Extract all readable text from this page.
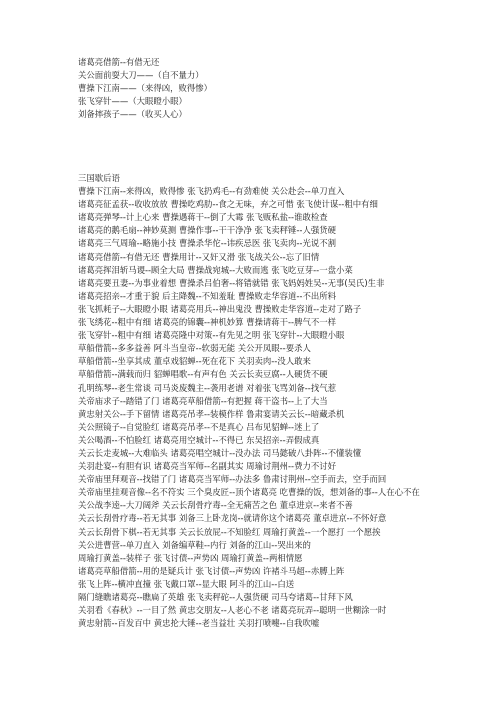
诸葛亮借箭--有借无还
关公面前耍大刀——（自不量力）
曹操下江南——（来得凶，败得惨）
张飞穿针——（大眼瞪小眼）
刘备摔孩子——（收买人心）
三国歇后语
曹操下江南--来得凶，败得惨 张飞扔鸡毛--有劲难使 关公赴会--单刀直入
诸葛亮征孟获--收收放放 曹操吃鸡肋--食之无味，弃之可惜 张飞使计谋--粗中有细
诸葛亮弹琴--计上心来 曹操遇蒋干--倒了大霉 张飞贩私盐--谁敢检查
诸葛亮的鹅毛扇--神妙莫测 曹操作事--干干净净 张飞卖秤锤--人强货硬
诸葛亮三气周瑜--略施小技 曹操杀华佗--讳疾忌医 张飞卖肉--光说不割
诸葛亮借箭--有借无还 曹操用计--又奸又滑 张飞战关公--忘了旧情
诸葛亮挥泪斩马谡--顾全大局 曹操战宛城--大败而逃 张飞吃豆芽--一盘小菜
诸葛亮要丑妻--为事业着想 曹操杀吕伯奢--将错就错 张飞妈妈姓吴--无事(吴氏)生非
诸葛亮招亲--才重于貌 后主降魏--不知羞耻 曹操败走华容道--不出所料
张飞抓耗子--大眼瞪小眼 诸葛亮用兵--神出鬼没 曹操败走华容道--走对了路子
张飞绣花--粗中有细 诸葛亮的锦囊--神机妙算 曹操请蒋干--脾气不一样
张飞穿针--粗中有细 诸葛亮隆中对策--有先见之明 张飞穿针--大眼瞪小眼
草船借箭--多多益善 阿斗当皇帝--软弱无能 关公开凤眼--要杀人
草船借箭--坐享其成 董卓戏貂蝉--死在花下 关羽卖肉--没人敢来
草船借箭--满载而归 貂蝉唱歌--有声有色 关云长卖豆腐--人硬货不硬
孔明练琴--老生常谈 司马炎废魏主--袭用老谱 对着张飞骂刘备--找气惹
关帝庙求子--踏错了门 诸葛亮草船借箭--有把握 蒋干盗书--上了大当
黄忠射关公--手下留情 诸葛亮吊孝--装模作样 鲁肃宴请关云长--暗藏杀机
关公照镜子--自觉脸红 诸葛亮吊孝--不是真心 吕布见貂蝉--迷上了
关公喝酒--不怕脸红 诸葛亮用空城计--不得已 东吴招亲--弄假成真
关云长走麦城--大难临头 诸葛亮唱空城计--没办法 司马懿破八卦阵--不懂装懂
关羽赴宴--有胆有识 诸葛亮当军师--名副其实 周瑜讨荆州--费力不讨好
关帝庙里拜观音--找错了门 诸葛亮当军师--办法多 鲁肃讨荆州--空手而去，空手而回
关帝庙里挂观音像--名不符实 三个臭皮匠--顶个诸葛亮 吃曹操的饭，想刘备的事--人在心不在
关公战李逵--大刀阔斧 关云长刮骨疗毒--全无痛苦之色 董卓进京--来者不善
关云长刮骨疗毒--若无其事 刘备三上卧龙岗--就请你这个诸葛亮 董卓进京--不怀好意
关云长刮骨下棋--若无其事 关云长放屁--不知脸红 周瑜打黄盖--一个愿打 一个愿挨
关公进曹营--单刀直入 刘备编草鞋--内行 刘备的江山--哭出来的
周瑜打黄盖--装样子 张飞讨债--声势凶 周瑜打黄盖--两相情愿
诸葛亮草船借箭--用的是疑兵计 张飞讨债--声势凶 许褚斗马超--赤膊上阵
张飞上阵--横冲直撞 张飞戴口罩--显大眼 阿斗的江山--白送
隔门缝瞧诸葛亮--瞧扁了英雄 张飞卖秤砣--人强货硬 司马夸诸葛--甘拜下风
关羽看《春秋》--一目了然 黄忠交朋友--人老心不老 诸葛亮玩弄--聪明一世糊涂一时
黄忠射箭--百发百中 黄忠抡大锤--老当益壮 关羽打喷嚏--自我吹嘘
